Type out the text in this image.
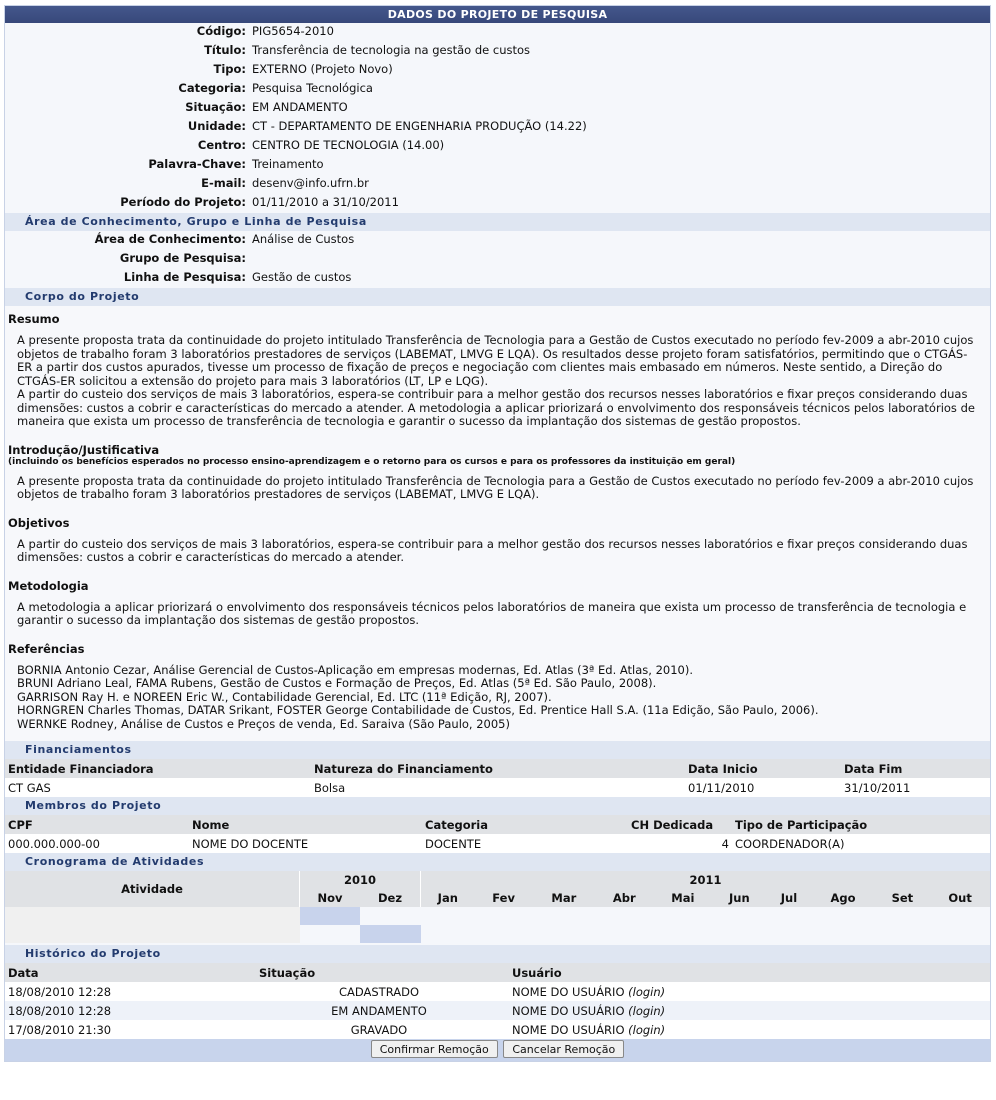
DADOS DO PROJETO DE PESQUISA
Código:	PIG5654-2010
Título:	Transferência de tecnologia na gestão de custos
Tipo:	EXTERNO (Projeto Novo)
Categoria:	Pesquisa Tecnológica
Situação:	EM ANDAMENTO
Unidade:	CT - DEPARTAMENTO DE ENGENHARIA PRODUÇÃO (14.22)
Centro:	CENTRO DE TECNOLOGIA (14.00)
Palavra-Chave:	Treinamento
E-mail:	desenv@info.ufrn.br
Período do Projeto:	01/11/2010 a 31/10/2011
Área de Conhecimento, Grupo e Linha de Pesquisa
Área de Conhecimento:	Análise de Custos
Grupo de Pesquisa:	
Linha de Pesquisa:	Gestão de custos
Corpo do Projeto
Resumo
A presente proposta trata da continuidade do projeto intitulado Transferência de Tecnologia para a Gestão de Custos executado no período fev-2009 a abr-2010 cujos objetos de trabalho foram 3 laboratórios prestadores de serviços (LABEMAT, LMVG E LQA). Os resultados desse projeto foram satisfatórios, permitindo que o CTGÁS-ER a partir dos custos apurados, tivesse um processo de fixação de preços e negociação com clientes mais embasado em números. Neste sentido, a Direção do CTGÁS-ER solicitou a extensão do projeto para mais 3 laboratórios (LT, LP e LQG).
A partir do custeio dos serviços de mais 3 laboratórios, espera-se contribuir para a melhor gestão dos recursos nesses laboratórios e fixar preços considerando duas dimensões: custos a cobrir e características do mercado a atender. A metodologia a aplicar priorizará o envolvimento dos responsáveis técnicos pelos laboratórios de maneira que exista um processo de transferência de tecnologia e garantir o sucesso da implantação dos sistemas de gestão propostos.
Introdução/Justificativa
(incluindo os benefícios esperados no processo ensino-aprendizagem e o retorno para os cursos e para os professores da instituição em geral)
A presente proposta trata da continuidade do projeto intitulado Transferência de Tecnologia para a Gestão de Custos executado no período fev-2009 a abr-2010 cujos objetos de trabalho foram 3 laboratórios prestadores de serviços (LABEMAT, LMVG E LQA).
Objetivos
A partir do custeio dos serviços de mais 3 laboratórios, espera-se contribuir para a melhor gestão dos recursos nesses laboratórios e fixar preços considerando duas dimensões: custos a cobrir e características do mercado a atender.
Metodologia
A metodologia a aplicar priorizará o envolvimento dos responsáveis técnicos pelos laboratórios de maneira que exista um processo de transferência de tecnologia e garantir o sucesso da implantação dos sistemas de gestão propostos.
Referências
BORNIA Antonio Cezar, Análise Gerencial de Custos-Aplicação em empresas modernas, Ed. Atlas (3ª Ed. Atlas, 2010).
BRUNI Adriano Leal, FAMA Rubens, Gestão de Custos e Formação de Preços, Ed. Atlas (5ª Ed. São Paulo, 2008).
GARRISON Ray H. e NOREEN Eric W., Contabilidade Gerencial, Ed. LTC (11ª Edição, RJ, 2007).
HORNGREN Charles Thomas, DATAR Srikant, FOSTER George Contabilidade de Custos, Ed. Prentice Hall S.A. (11a Edição, São Paulo, 2006).
WERNKE Rodney, Análise de Custos e Preços de venda, Ed. Saraiva (São Paulo, 2005)
Financiamentos
Entidade Financiadora	Natureza do Financiamento	Data Inicio	Data Fim
CT GAS	Bolsa	01/11/2010	31/10/2011
Membros do Projeto
CPF	Nome	Categoria	CH Dedicada	Tipo de Participação
000.000.000-00	NOME DO DOCENTE	DOCENTE	4	COORDENADOR(A)
Cronograma de Atividades
Atividade	2010		2011									
	Nov	Dez	Jan	Fev	Mar	Abr	Mai	Jun	Jul	Ago	Set	Out

Histórico do Projeto
Data	Situação	Usuário
18/08/2010 12:28	CADASTRADO	NOME DO USUÁRIO (login)
18/08/2010 12:28	EM ANDAMENTO	NOME DO USUÁRIO (login)
17/08/2010 21:30	GRAVADO	NOME DO USUÁRIO (login)
Confirmar Remoção Cancelar Remoção
